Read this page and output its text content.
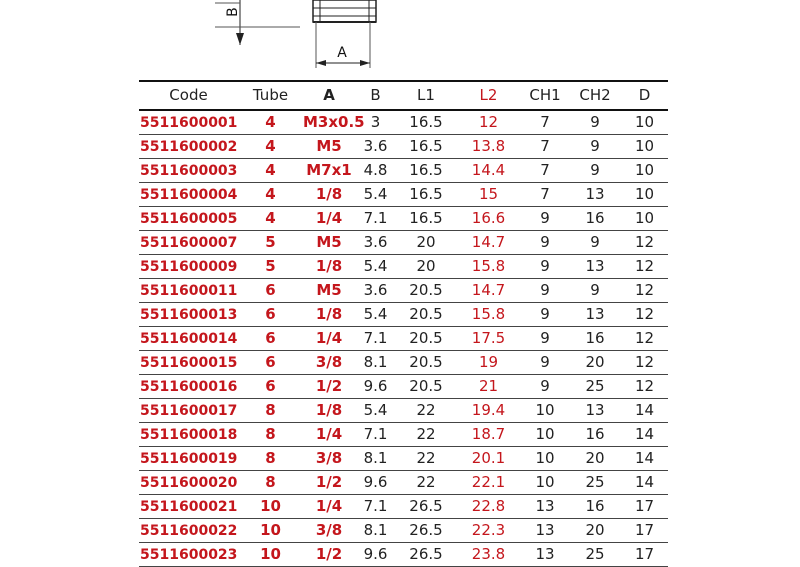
B
A
Code	Tube	A	B	L1	L2	CH1	CH2	D
5511600001	4	M3x0.5	3	16.5	12	7	9	10
5511600002	4	M5	3.6	16.5	13.8	7	9	10
5511600003	4	M7x1	4.8	16.5	14.4	7	9	10
5511600004	4	1/8	5.4	16.5	15	7	13	10
5511600005	4	1/4	7.1	16.5	16.6	9	16	10
5511600007	5	M5	3.6	20	14.7	9	9	12
5511600009	5	1/8	5.4	20	15.8	9	13	12
5511600011	6	M5	3.6	20.5	14.7	9	9	12
5511600013	6	1/8	5.4	20.5	15.8	9	13	12
5511600014	6	1/4	7.1	20.5	17.5	9	16	12
5511600015	6	3/8	8.1	20.5	19	9	20	12
5511600016	6	1/2	9.6	20.5	21	9	25	12
5511600017	8	1/8	5.4	22	19.4	10	13	14
5511600018	8	1/4	7.1	22	18.7	10	16	14
5511600019	8	3/8	8.1	22	20.1	10	20	14
5511600020	8	1/2	9.6	22	22.1	10	25	14
5511600021	10	1/4	7.1	26.5	22.8	13	16	17
5511600022	10	3/8	8.1	26.5	22.3	13	20	17
5511600023	10	1/2	9.6	26.5	23.8	13	25	17
